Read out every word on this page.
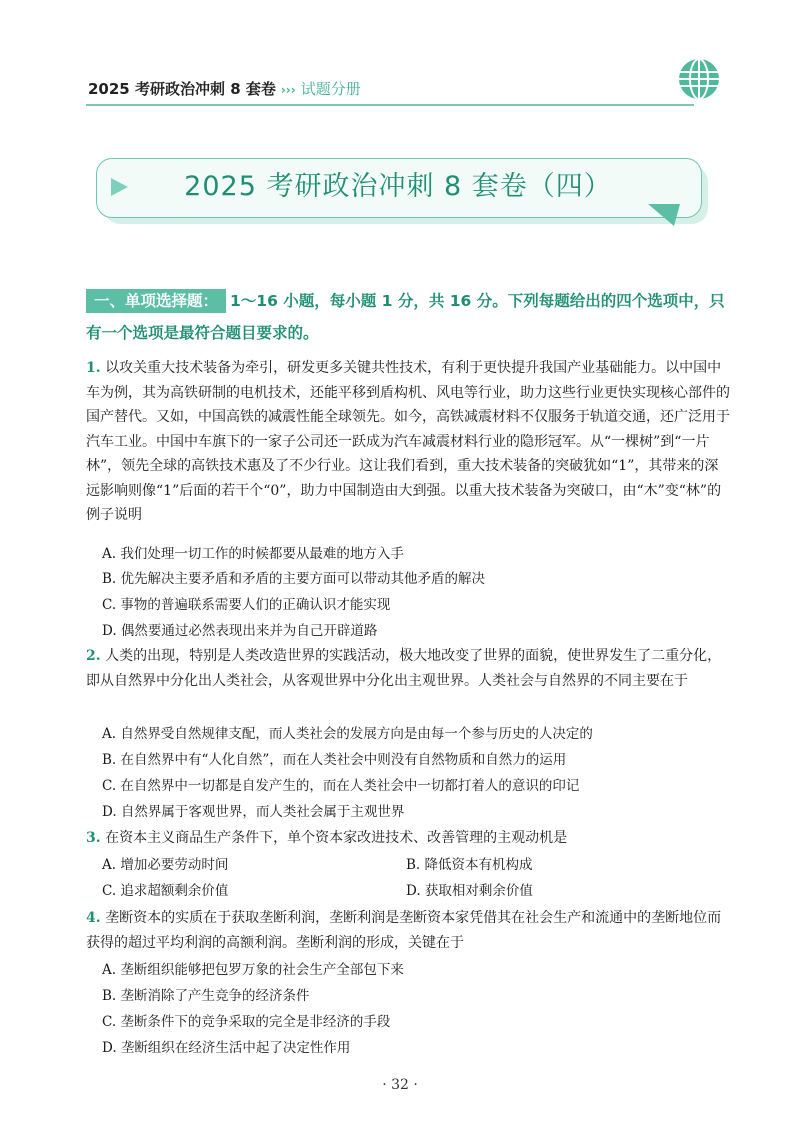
2025 考研政治冲刺 8 套卷 ››› 试题分册
2025 考研政治冲刺 8 套卷（四）
一、单项选择题： 1～16 小题，每小题 1 分，共 16 分。下列每题给出的四个选项中，只有一个选项是最符合题目要求的。
1. 以攻关重大技术装备为牵引，研发更多关键共性技术，有利于更快提升我国产业基础能力。以中国中车为例，其为高铁研制的电机技术，还能平移到盾构机、风电等行业，助力这些行业更快实现核心部件的国产替代。又如，中国高铁的减震性能全球领先。如今，高铁减震材料不仅服务于轨道交通，还广泛用于汽车工业。中国中车旗下的一家子公司还一跃成为汽车减震材料行业的隐形冠军。从“一棵树”到“一片林”，领先全球的高铁技术惠及了不少行业。这让我们看到，重大技术装备的突破犹如“1”，其带来的深远影响则像“1”后面的若干个“0”，助力中国制造由大到强。以重大技术装备为突破口，由“木”变“林”的例子说明
A. 我们处理一切工作的时候都要从最难的地方入手
B. 优先解决主要矛盾和矛盾的主要方面可以带动其他矛盾的解决
C. 事物的普遍联系需要人们的正确认识才能实现
D. 偶然要通过必然表现出来并为自己开辟道路
2. 人类的出现，特别是人类改造世界的实践活动，极大地改变了世界的面貌，使世界发生了二重分化，即从自然界中分化出人类社会，从客观世界中分化出主观世界。人类社会与自然界的不同主要在于
A. 自然界受自然规律支配，而人类社会的发展方向是由每一个参与历史的人决定的
B. 在自然界中有“人化自然”，而在人类社会中则没有自然物质和自然力的运用
C. 在自然界中一切都是自发产生的，而在人类社会中一切都打着人的意识的印记
D. 自然界属于客观世界，而人类社会属于主观世界
3. 在资本主义商品生产条件下，单个资本家改进技术、改善管理的主观动机是
A. 增加必要劳动时间	B. 降低资本有机构成
C. 追求超额剩余价值	D. 获取相对剩余价值
4. 垄断资本的实质在于获取垄断利润，垄断利润是垄断资本家凭借其在社会生产和流通中的垄断地位而获得的超过平均利润的高额利润。垄断利润的形成，关键在于
A. 垄断组织能够把包罗万象的社会生产全部包下来
B. 垄断消除了产生竞争的经济条件
C. 垄断条件下的竞争采取的完全是非经济的手段
D. 垄断组织在经济生活中起了决定性作用
· 32 ·
